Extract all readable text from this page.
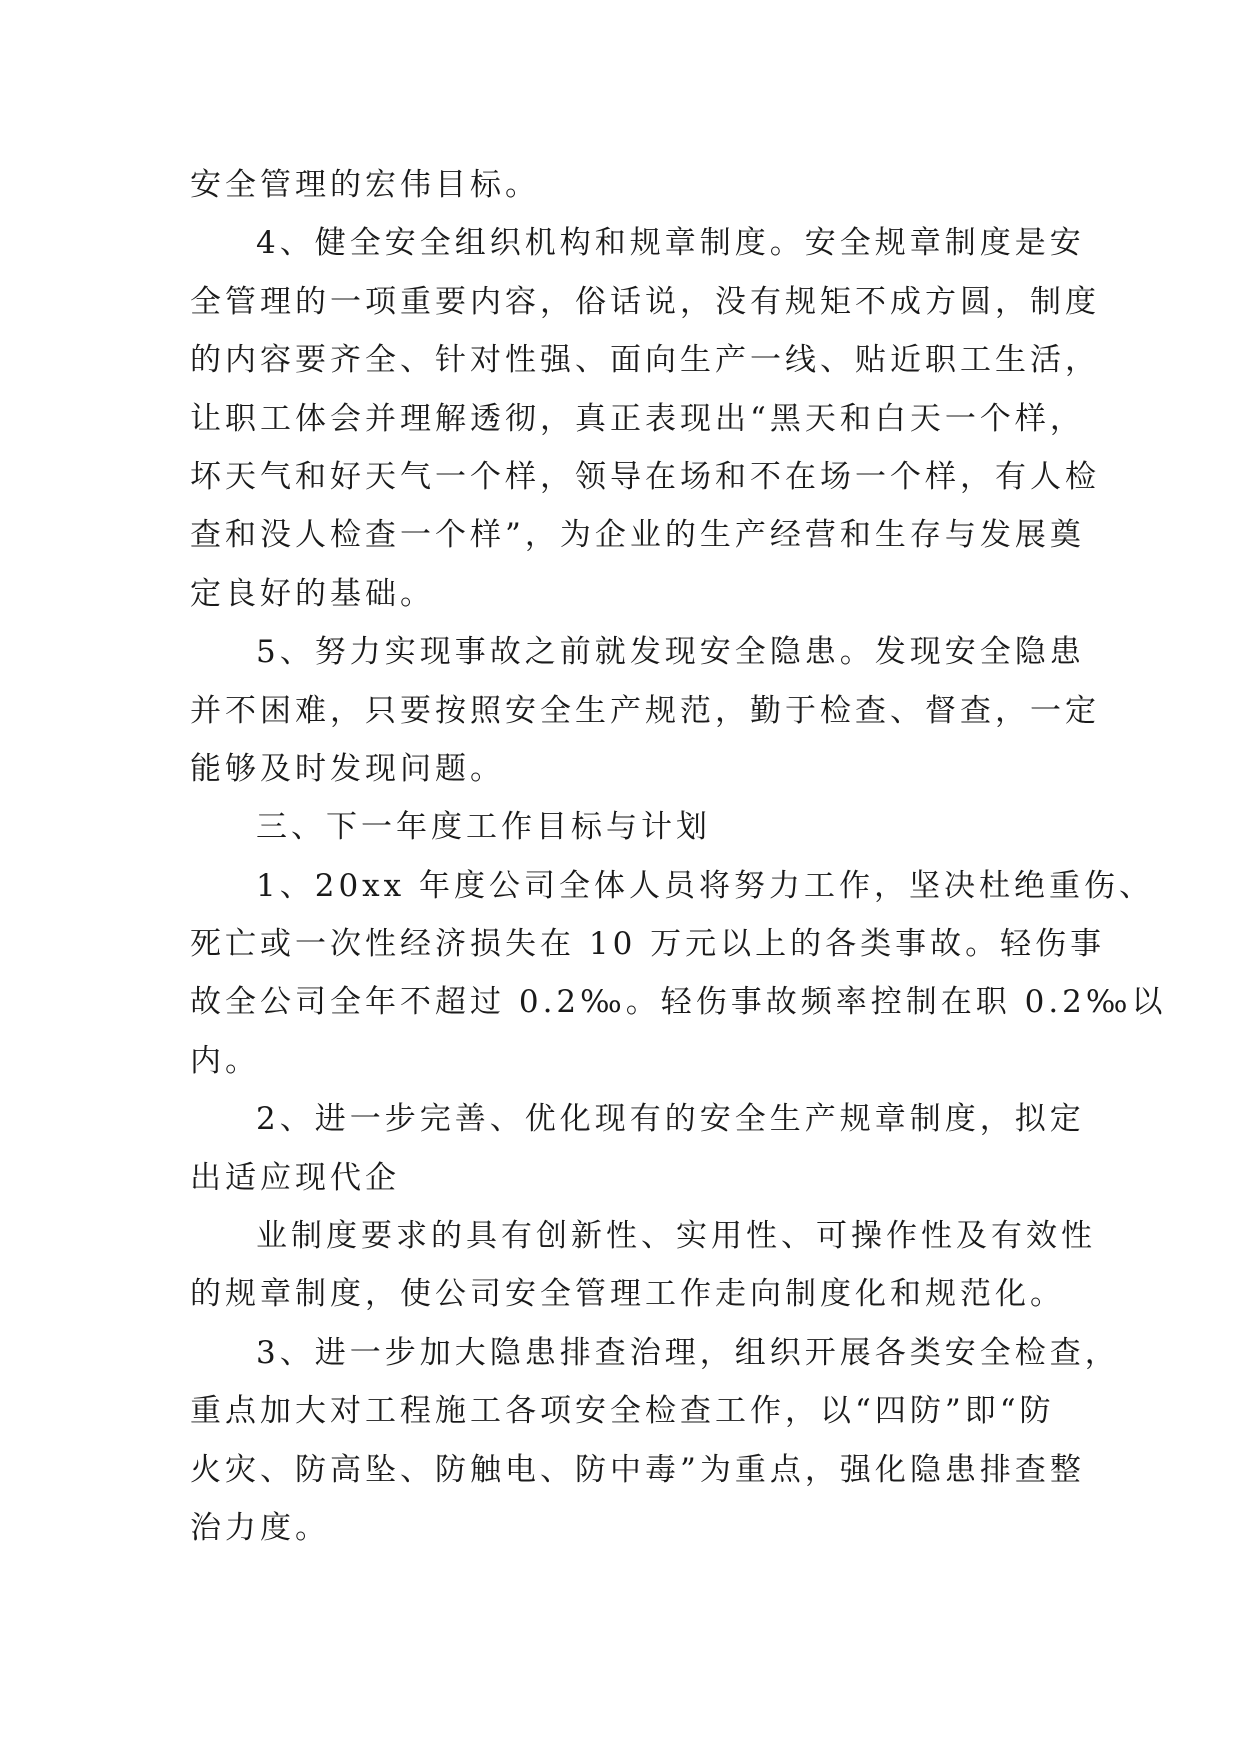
安全管理的宏伟目标。

4、健全安全组织机构和规章制度。安全规章制度是安

全管理的一项重要内容，俗话说，没有规矩不成方圆，制度

的内容要齐全、针对性强、面向生产一线、贴近职工生活，

让职工体会并理解透彻，真正表现出“黑天和白天一个样，

坏天气和好天气一个样，领导在场和不在场一个样，有人检

查和没人检查一个样”，为企业的生产经营和生存与发展奠

定良好的基础。

5、努力实现事故之前就发现安全隐患。发现安全隐患

并不困难，只要按照安全生产规范，勤于检查、督查，一定

能够及时发现问题。

三、下一年度工作目标与计划

1、20xx 年度公司全体人员将努力工作，坚决杜绝重伤、

死亡或一次性经济损失在 10 万元以上的各类事故。轻伤事

故全公司全年不超过 0.2‰。轻伤事故频率控制在职 0.2‰以

内。

2、进一步完善、优化现有的安全生产规章制度，拟定

出适应现代企

业制度要求的具有创新性、实用性、可操作性及有效性

的规章制度，使公司安全管理工作走向制度化和规范化。

3、进一步加大隐患排查治理，组织开展各类安全检查，

重点加大对工程施工各项安全检查工作，以“四防”即“防

火灾、防高坠、防触电、防中毒”为重点，强化隐患排查整

治力度。
